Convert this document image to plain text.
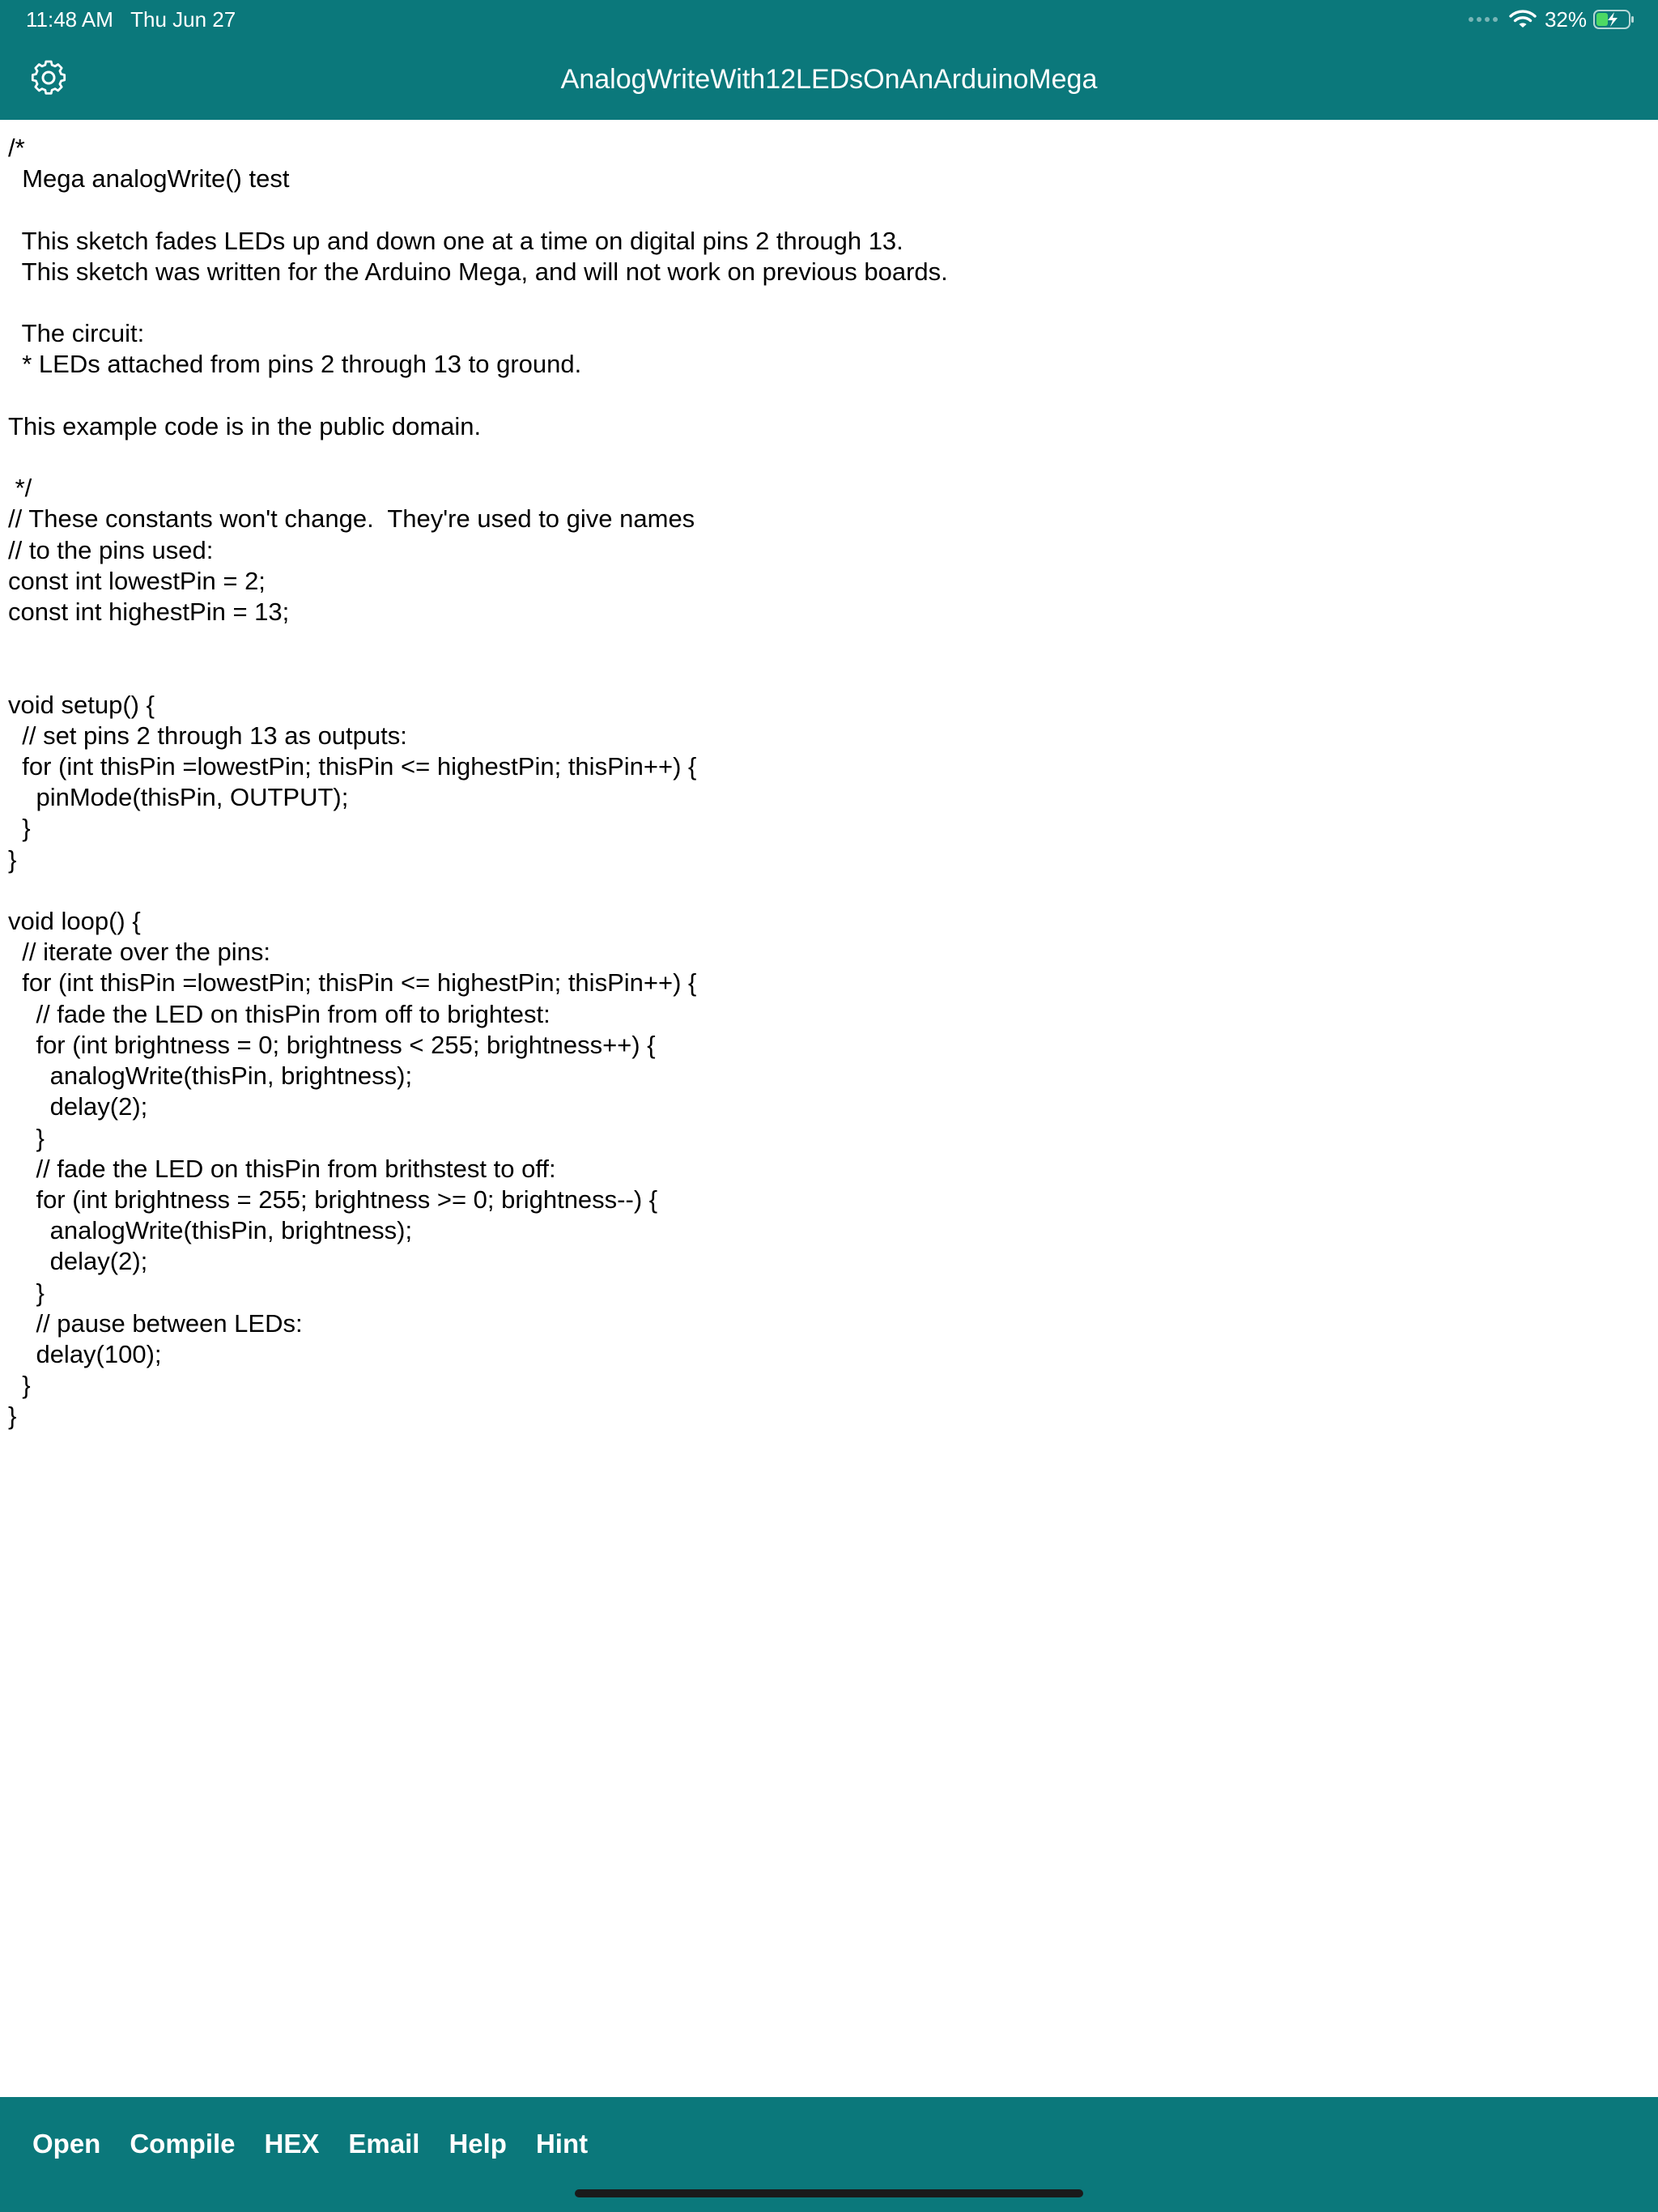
11:48 AM Thu Jun 27	32%
AnalogWriteWith12LEDsOnAnArduinoMega
/*
Mega analogWrite() test

This sketch fades LEDs up and down one at a time on digital pins 2 through 13.
This sketch was written for the Arduino Mega, and will not work on previous boards.

The circuit:
* LEDs attached from pins 2 through 13 to ground.

This example code is in the public domain.

*/
// These constants won't change.  They're used to give names
// to the pins used:
const int lowestPin = 2;
const int highestPin = 13;

void setup() {
// set pins 2 through 13 as outputs:
for (int thisPin =lowestPin; thisPin <= highestPin; thisPin++) {
pinMode(thisPin, OUTPUT);
}
}

void loop() {
// iterate over the pins:
for (int thisPin =lowestPin; thisPin <= highestPin; thisPin++) {
// fade the LED on thisPin from off to brightest:
for (int brightness = 0; brightness < 255; brightness++) {
analogWrite(thisPin, brightness);
delay(2);
}
// fade the LED on thisPin from brithstest to off:
for (int brightness = 255; brightness >= 0; brightness--) {
analogWrite(thisPin, brightness);
delay(2);
}
// pause between LEDs:
delay(100);
}
}
Open	Compile	HEX	Email	Help	Hint
